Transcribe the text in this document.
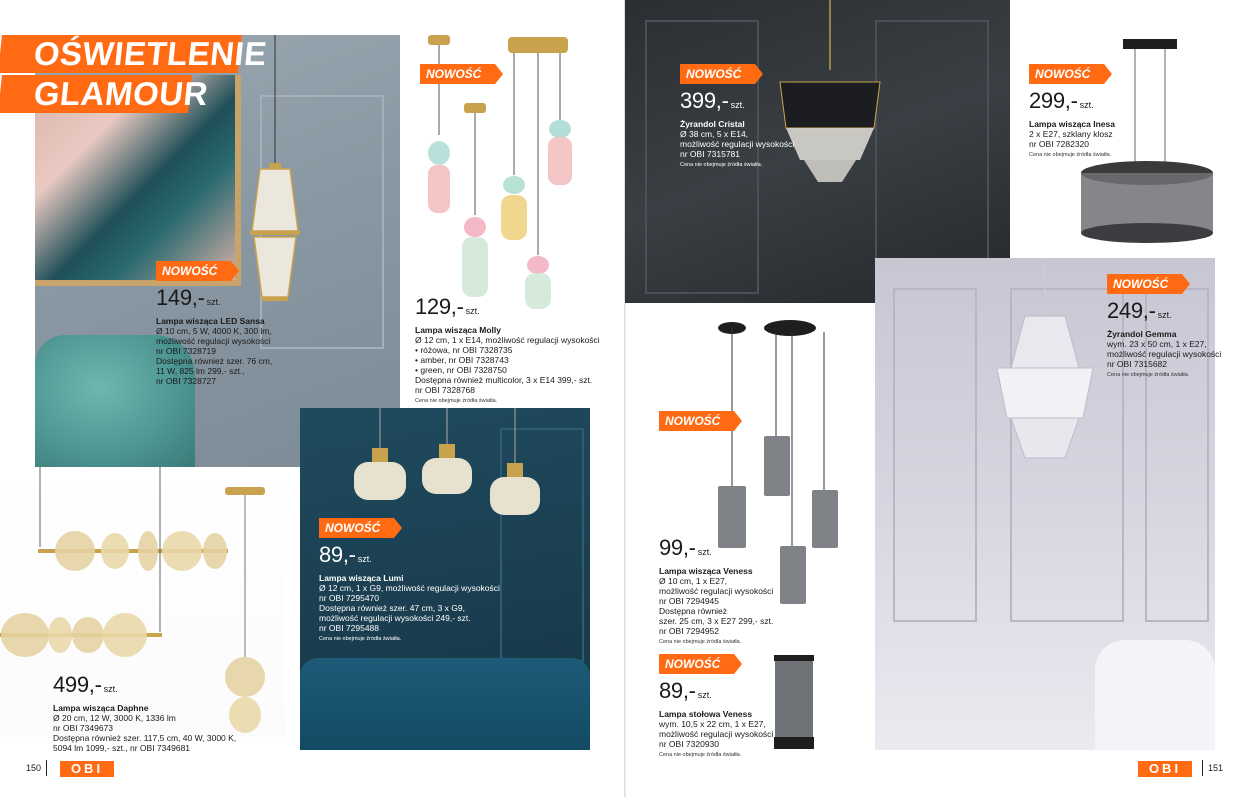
OŚWIETLENIE
GLAMOUR
NOWOŚĆ
149,- szt.
Lampa wisząca LED Sansa
Ø 10 cm, 5 W, 4000 K, 300 lm,
możliwość regulacji wysokości
nr OBI 7328719
Dostępna również szer. 76 cm,
11 W, 825 lm 299,- szt.,
nr OBI 7328727
NOWOŚĆ
129,- szt.
Lampa wisząca Molly
Ø 12 cm, 1 x E14, możliwość regulacji wysokości
• różowa, nr OBI 7328735
• amber, nr OBI 7328743
• green, nr OBI 7328750
Dostępna również multicolor, 3 x E14 399,- szt.
nr OBI 7328768
Cena nie obejmuje źródła światła.
NOWOŚĆ
399,- szt.
Żyrandol Cristal
Ø 38 cm, 5 x E14,
możliwość regulacji wysokości
nr OBI 7315781
Cena nie obejmuje źródła światła.
NOWOŚĆ
299,- szt.
Lampa wisząca Inesa
2 x E27, szklany klosz
nr OBI 7282320
Cena nie obejmuje źródła światła.
NOWOŚĆ
249,- szt.
Żyrandol Gemma
wym. 23 x 50 cm, 1 x E27,
możliwość regulacji wysokości
nr OBI 7315682
Cena nie obejmuje źródła światła.
NOWOŚĆ
89,- szt.
Lampa wisząca Lumi
Ø 12 cm, 1 x G9, możliwość regulacji wysokości
nr OBI 7295470
Dostępna również szer. 47 cm, 3 x G9,
możliwość regulacji wysokości 249,- szt.
nr OBI 7295488
Cena nie obejmuje źródła światła.
NOWOŚĆ
99,- szt.
Lampa wisząca Veness
Ø 10 cm, 1 x E27,
możliwość regulacji wysokości
nr OBI 7294945
Dostępna również
szer. 25 cm, 3 x E27 299,- szt.
nr OBI 7294952
Cena nie obejmuje źródła światła.
NOWOŚĆ
89,- szt.
Lampa stołowa Veness
wym. 10,5 x 22 cm, 1 x E27,
możliwość regulacji wysokości
nr OBI 7320930
Cena nie obejmuje źródła światła.
499,- szt.
Lampa wisząca Daphne
Ø 20 cm, 12 W, 3000 K, 1336 lm
nr OBI 7349673
Dostępna również szer. 117,5 cm, 40 W, 3000 K,
5094 lm 1099,- szt., nr OBI 7349681
150	OBI	OBI	151
